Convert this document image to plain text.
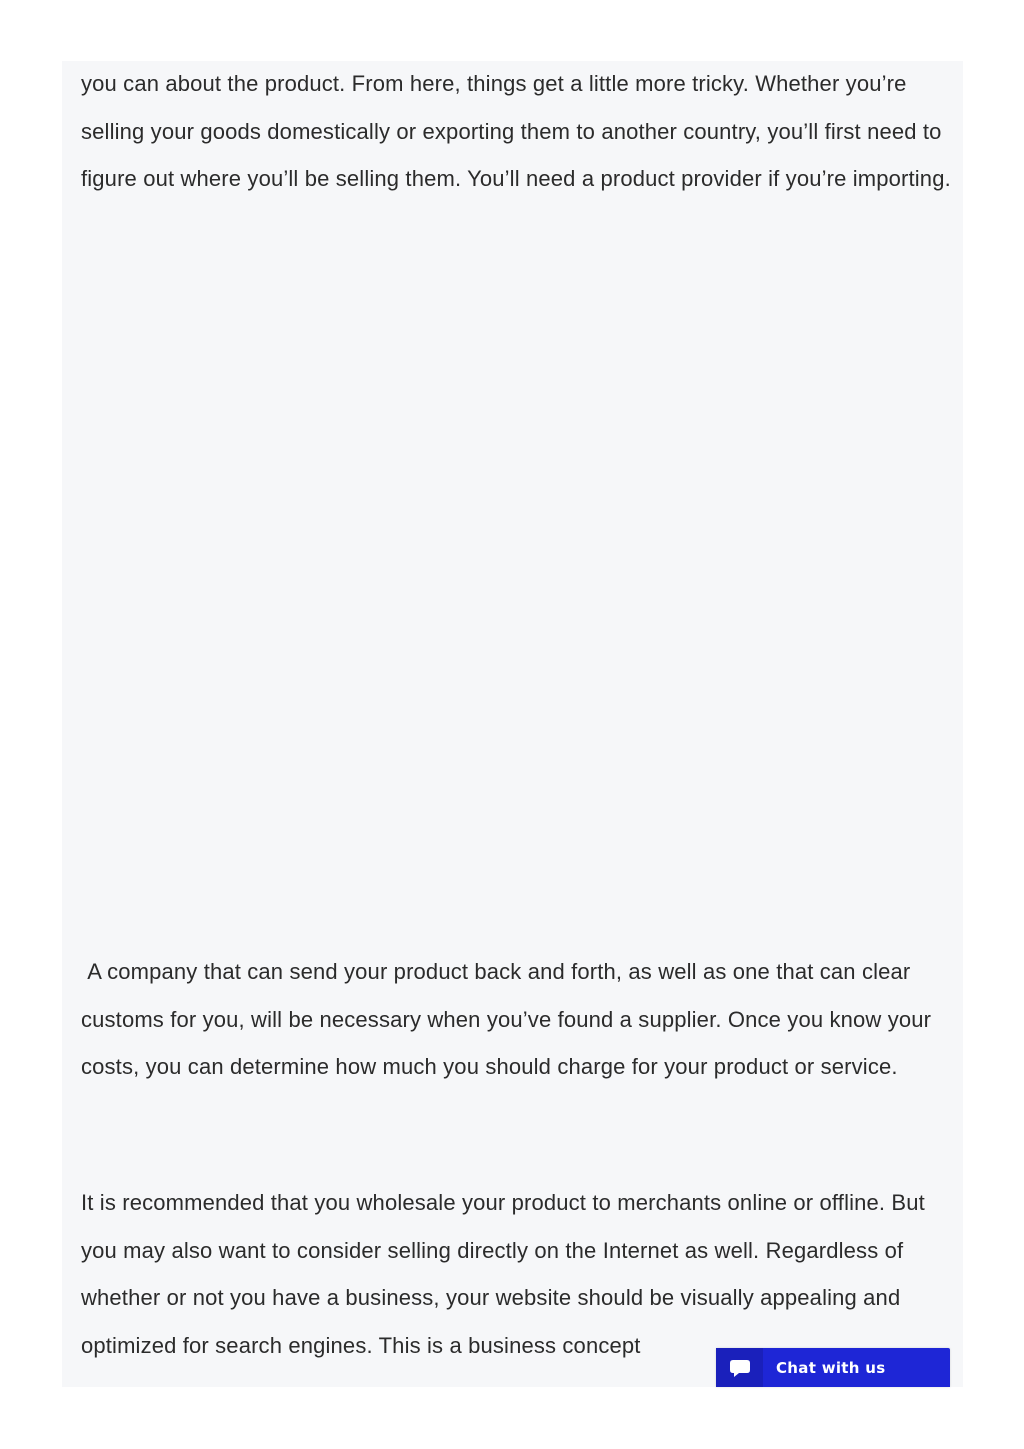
you can about the product. From here, things get a little more tricky. Whether you’re selling your goods domestically or exporting them to another country, you’ll first need to figure out where you’ll be selling them. You’ll need a product provider if you’re importing.

A company that can send your product back and forth, as well as one that can clear customs for you, will be necessary when you’ve found a supplier. Once you know your costs, you can determine how much you should charge for your product or service.

It is recommended that you wholesale your product to merchants online or offline. But you may also want to consider selling directly on the Internet as well. Regardless of whether or not you have a business, your website should be visually appealing and optimized for search engines. This is a business concept

Chat with us
